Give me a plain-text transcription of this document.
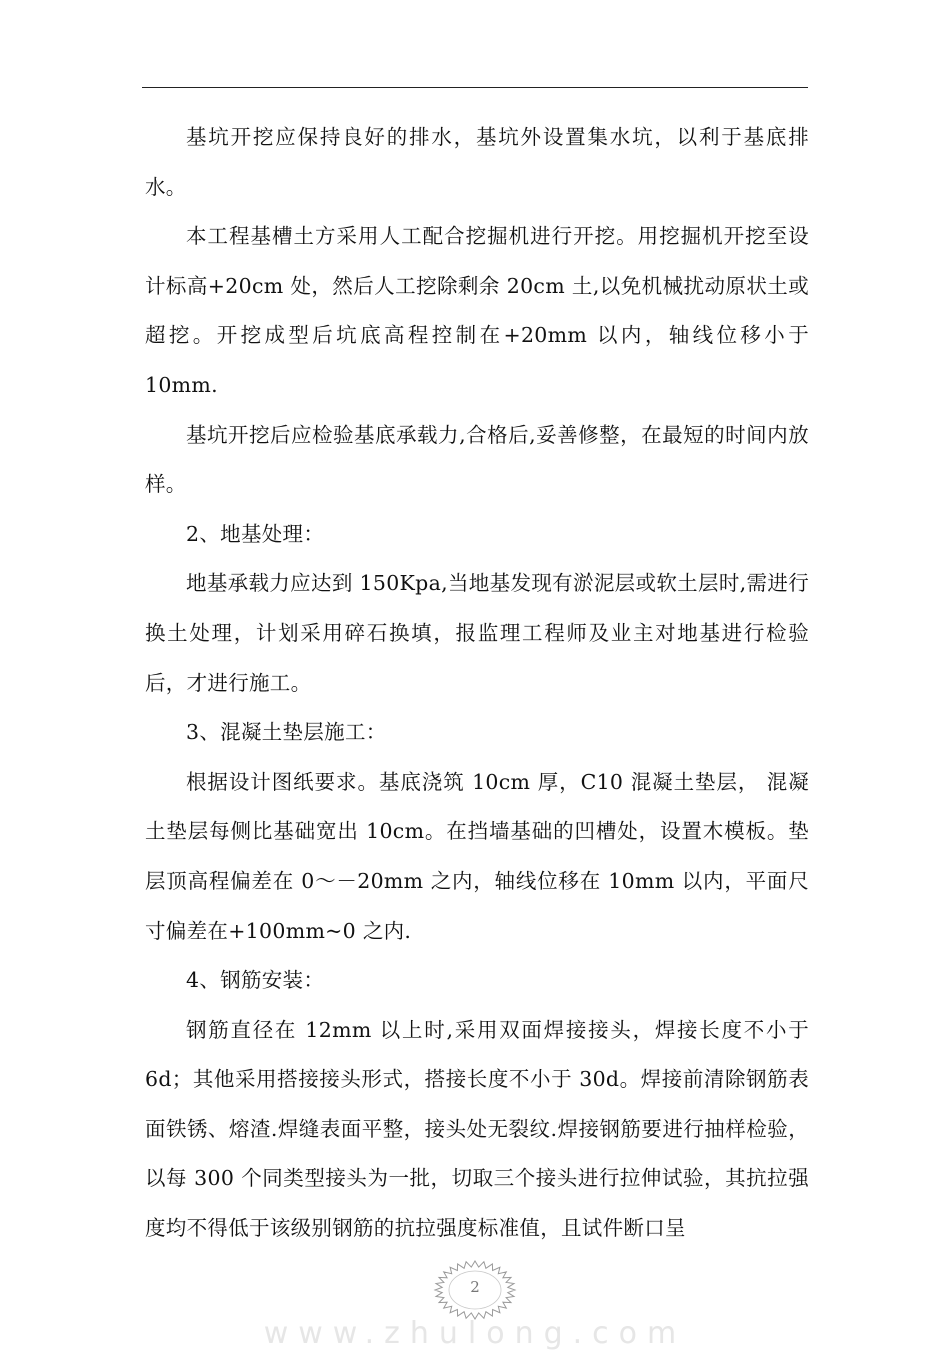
基坑开挖应保持良好的排水，基坑外设置集水坑，以利于基底排水。

本工程基槽土方采用人工配合挖掘机进行开挖。用挖掘机开挖至设计标高+20cm 处，然后人工挖除剩余 20cm 土,以免机械扰动原状土或超挖。开挖成型后坑底高程控制在+20mm 以内，轴线位移小于 10mm.

基坑开挖后应检验基底承载力,合格后,妥善修整，在最短的时间内放样。

2、地基处理：

地基承载力应达到 150Kpa,当地基发现有淤泥层或软土层时,需进行换土处理，计划采用碎石换填，报监理工程师及业主对地基进行检验后，才进行施工。

3、混凝土垫层施工：

根据设计图纸要求。基底浇筑 10cm 厚，C10 混凝土垫层， 混凝土垫层每侧比基础宽出 10cm。在挡墙基础的凹槽处，设置木模板。垫层顶高程偏差在 0～－20mm 之内，轴线位移在 10mm 以内，平面尺寸偏差在+100mm~0 之内.

4、钢筋安装：

钢筋直径在 12mm 以上时,采用双面焊接接头，焊接长度不小于 6d；其他采用搭接接头形式，搭接长度不小于 30d。焊接前清除钢筋表面铁锈、熔渣.焊缝表面平整，接头处无裂纹.焊接钢筋要进行抽样检验，以每 300 个同类型接头为一批，切取三个接头进行拉伸试验，其抗拉强度均不得低于该级别钢筋的抗拉强度标准值，且试件断口呈

2
www.zhulong.com
